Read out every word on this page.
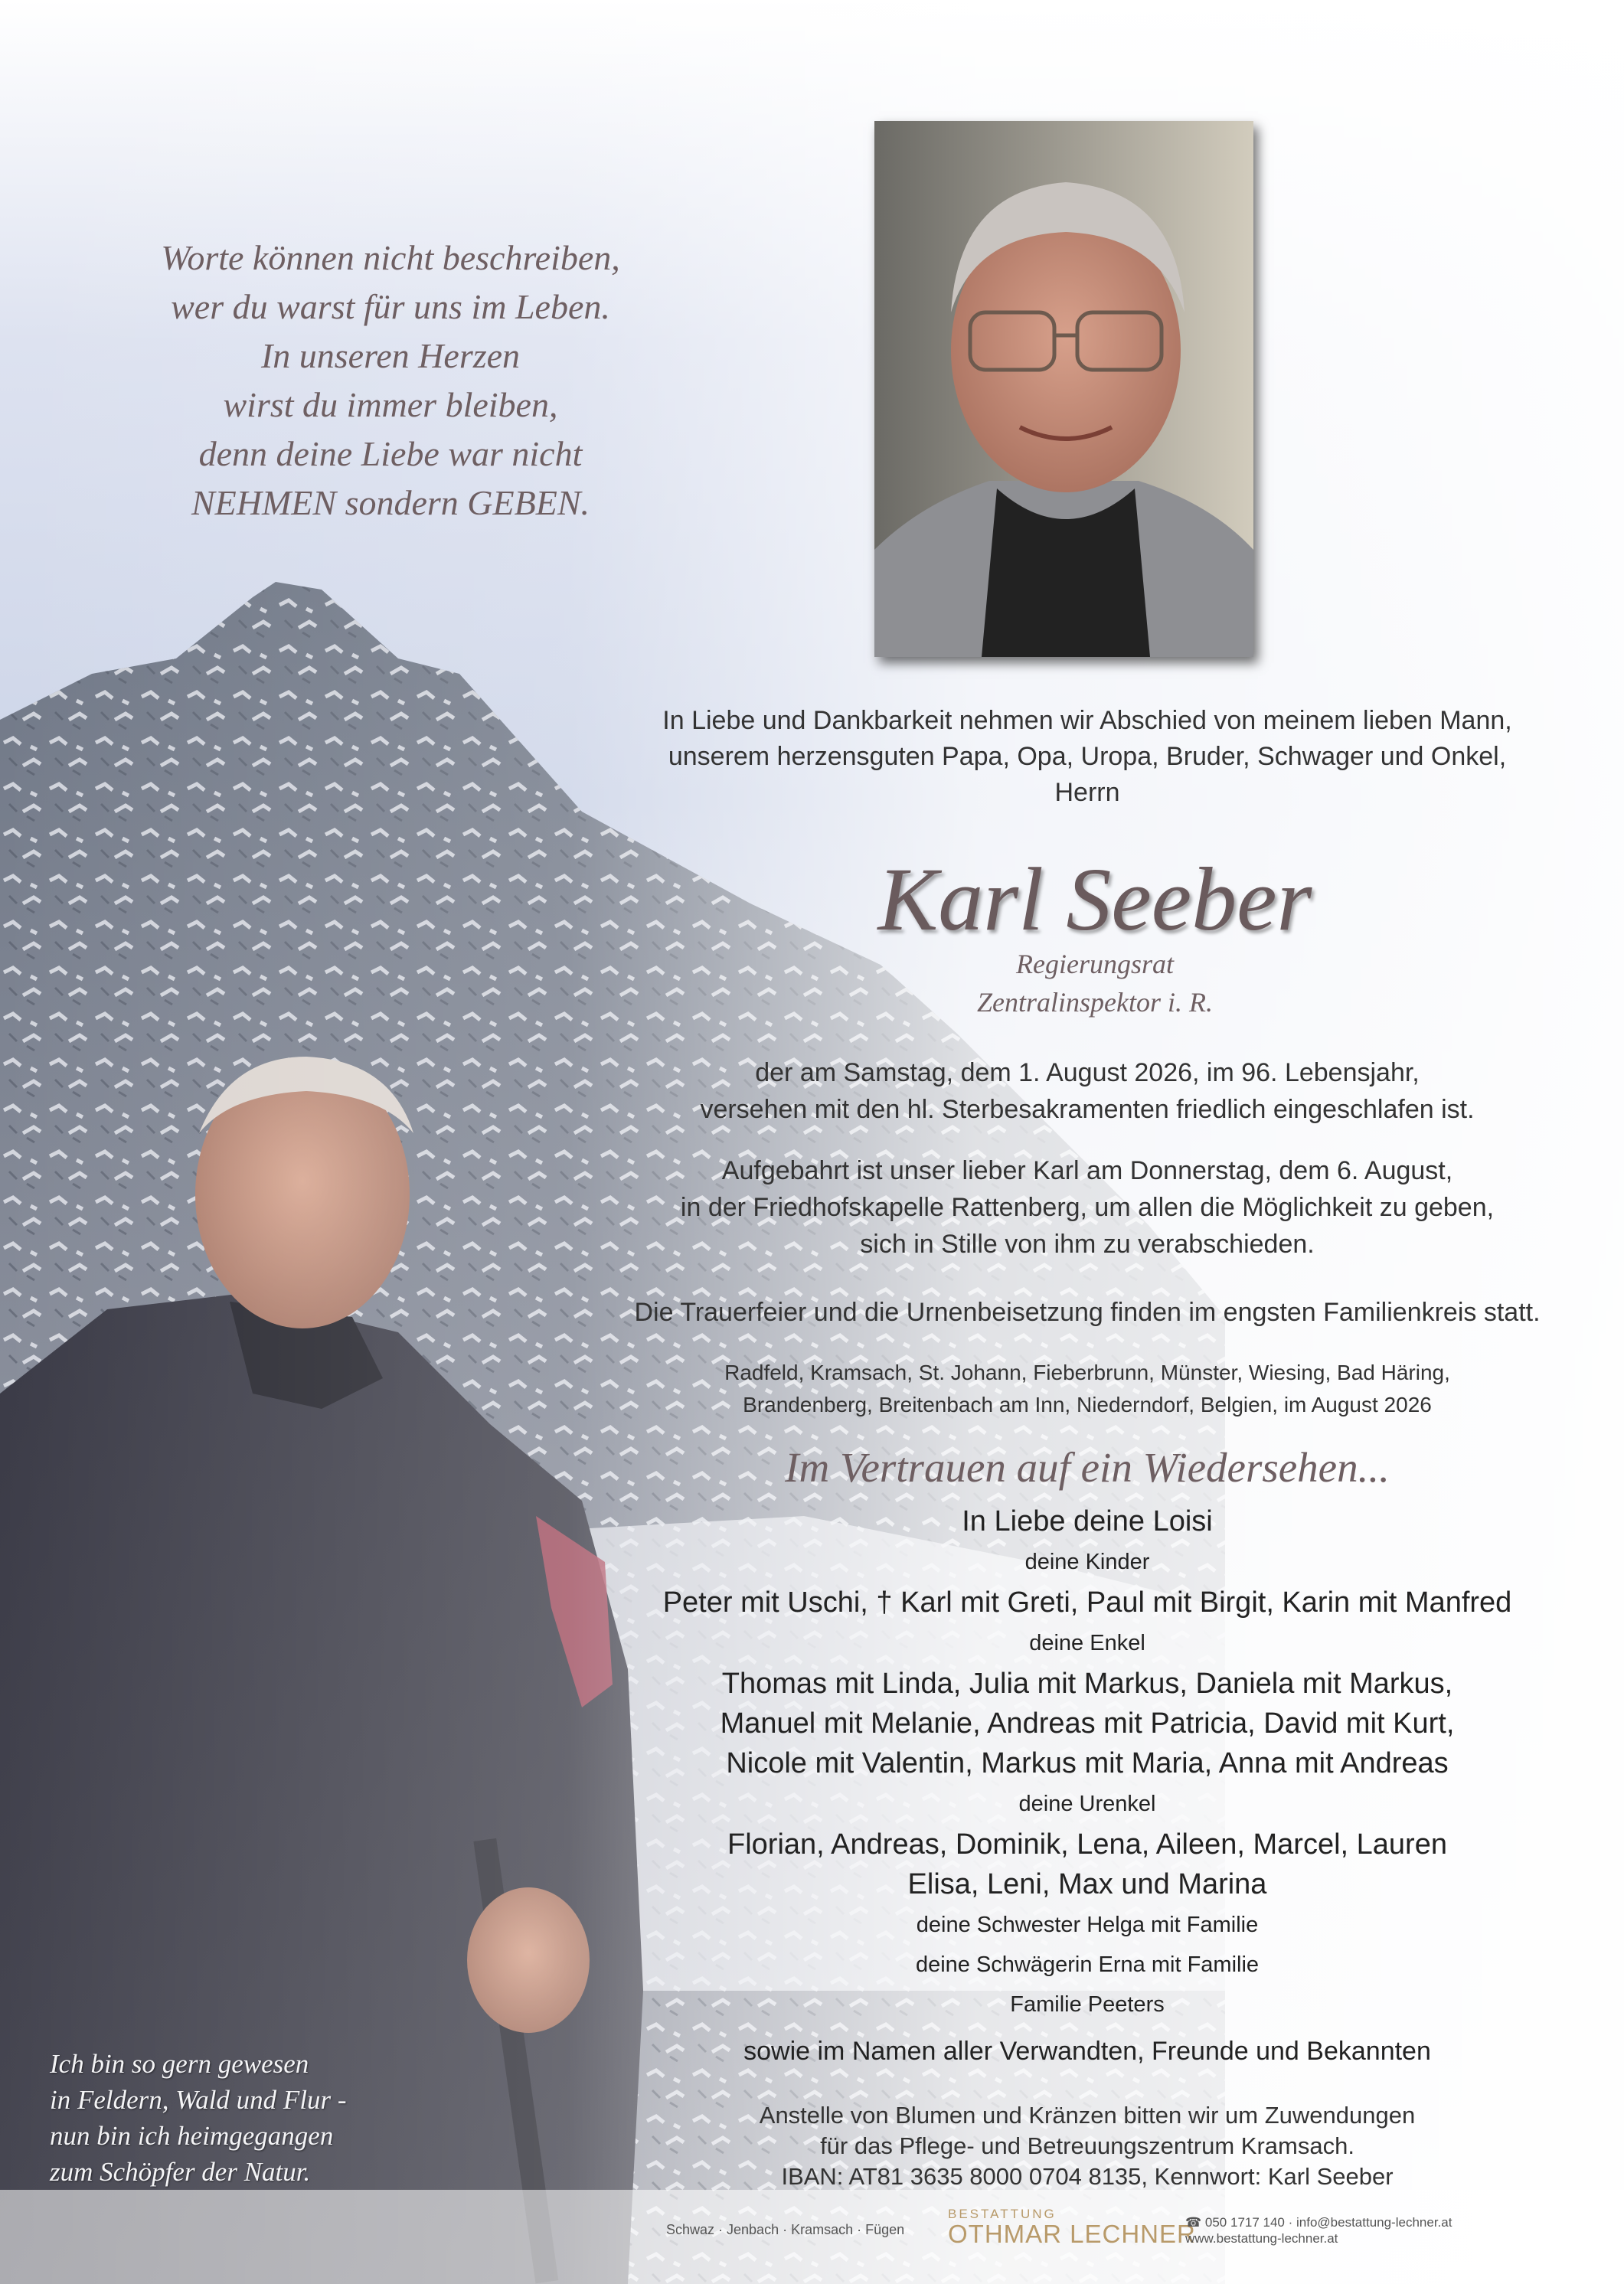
Worte können nicht beschreiben,
wer du warst für uns im Leben.
In unseren Herzen
wirst du immer bleiben,
denn deine Liebe war nicht
NEHMEN sondern GEBEN.
In Liebe und Dankbarkeit nehmen wir Abschied von meinem lieben Mann,
unserem herzensguten Papa, Opa, Uropa, Bruder, Schwager und Onkel,
Herrn
Karl Seeber
Regierungsrat
Zentralinspektor i. R.
der am Samstag, dem 1. August 2026, im 96. Lebensjahr,
versehen mit den hl. Sterbesakramenten friedlich eingeschlafen ist.
Aufgebahrt ist unser lieber Karl am Donnerstag, dem 6. August,
in der Friedhofskapelle Rattenberg, um allen die Möglichkeit zu geben,
sich in Stille von ihm zu verabschieden.
Die Trauerfeier und die Urnenbeisetzung finden im engsten Familienkreis statt.
Radfeld, Kramsach, St. Johann, Fieberbrunn, Münster, Wiesing, Bad Häring,
Brandenberg, Breitenbach am Inn, Niederndorf, Belgien, im August 2026
Im Vertrauen auf ein Wiedersehen...
In Liebe deine Loisi
deine Kinder
Peter mit Uschi, † Karl mit Greti, Paul mit Birgit, Karin mit Manfred
deine Enkel
Thomas mit Linda, Julia mit Markus, Daniela mit Markus,
Manuel mit Melanie, Andreas mit Patricia, David mit Kurt,
Nicole mit Valentin, Markus mit Maria, Anna mit Andreas
deine Urenkel
Florian, Andreas, Dominik, Lena, Aileen, Marcel, Lauren
Elisa, Leni, Max und Marina
deine Schwester Helga mit Familie
deine Schwägerin Erna mit Familie
Familie Peeters
sowie im Namen aller Verwandten, Freunde und Bekannten
Ich bin so gern gewesen
in Feldern, Wald und Flur -
nun bin ich heimgegangen
zum Schöpfer der Natur.
Anstelle von Blumen und Kränzen bitten wir um Zuwendungen
für das Pflege- und Betreuungszentrum Kramsach.
IBAN: AT81 3635 8000 0704 8135, Kennwort: Karl Seeber
Schwaz · Jenbach · Kramsach · Fügen
BESTATTUNG
OTHMAR LECHNER
☎ 050 1717 140 · info@bestattung-lechner.at
www.bestattung-lechner.at
